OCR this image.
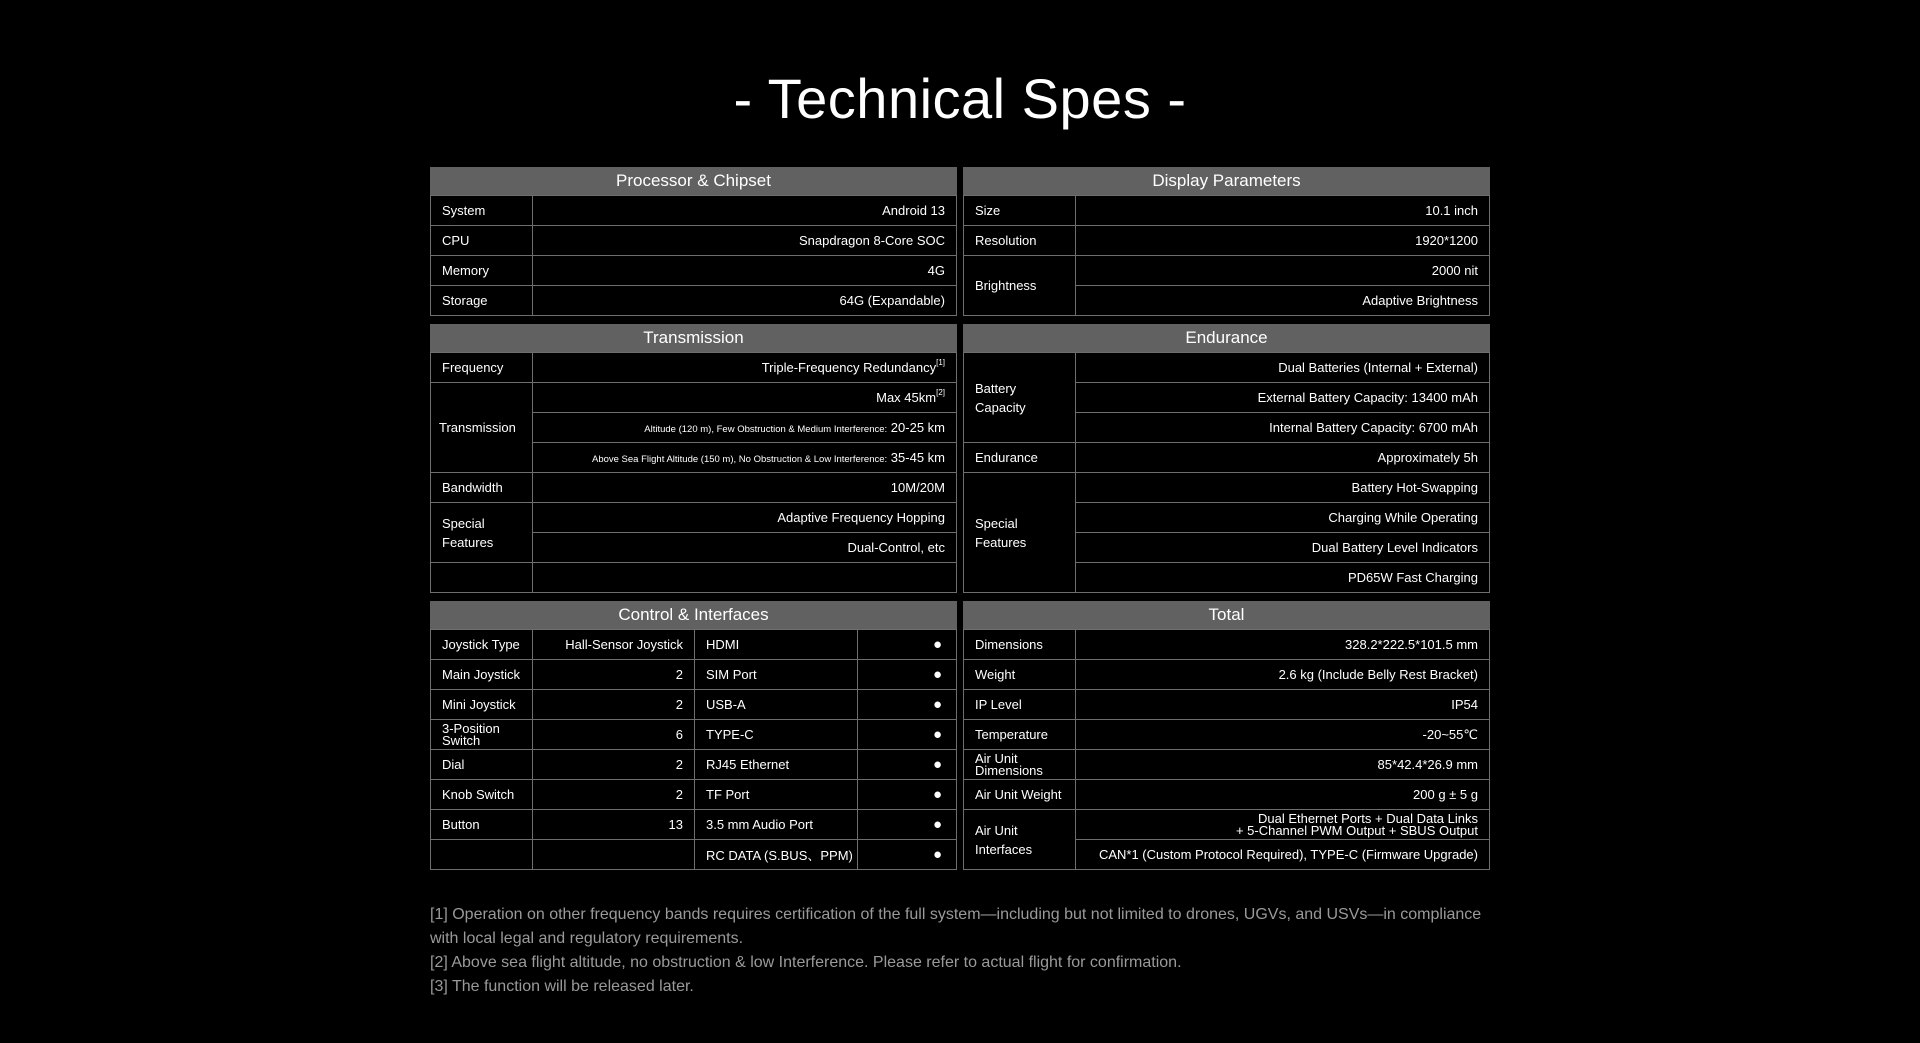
- Technical Spes -
Processor & Chipset
System	Android 13
CPU	Snapdragon 8-Core SOC
Memory	4G
Storage	64G (Expandable)
Display Parameters
Size	10.1 inch
Resolution	1920*1200
Brightness	2000 nit
	Adaptive Brightness
Transmission
Frequency	Triple-Frequency Redundancy[1]
Transmission	Max 45km[2]
	Altitude (120 m), Few Obstruction & Medium Interference: 20-25 km
	Above Sea Flight Altitude (150 m), No Obstruction & Low Interference: 35-45 km
Bandwidth	10M/20M
Special Features	Adaptive Frequency Hopping
	Dual-Control, etc

Endurance
Battery Capacity	Dual Batteries (Internal + External)
	External Battery Capacity: 13400 mAh
	Internal Battery Capacity: 6700 mAh
Endurance	Approximately 5h
Special Features	Battery Hot-Swapping
	Charging While Operating
	Dual Battery Level Indicators
	PD65W Fast Charging
Control & Interfaces
Joystick Type	Hall-Sensor Joystick	HDMI	●
Main Joystick	2	SIM Port	●
Mini Joystick	2	USB-A	●
3-Position Switch	6	TYPE-C	●
Dial	2	RJ45 Ethernet	●
Knob Switch	2	TF Port	●
Button	13	3.5 mm Audio Port	●
		RC DATA (S.BUS、PPM)	●
Total
Dimensions	328.2*222.5*101.5 mm
Weight	2.6 kg (Include Belly Rest Bracket)
IP Level	IP54
Temperature	-20~55℃
Air Unit Dimensions	85*42.4*26.9 mm
Air Unit Weight	200 g ± 5 g
Air Unit Interfaces	Dual Ethernet Ports + Dual Data Links
+ 5-Channel PWM Output + SBUS Output
	CAN*1 (Custom Protocol Required), TYPE-C (Firmware Upgrade)

[1] Operation on other frequency bands requires certification of the full system—including but not limited to drones, UGVs, and USVs—in compliance with local legal and regulatory requirements.

[2] Above sea flight altitude, no obstruction & low Interference. Please refer to actual flight for confirmation.

[3] The function will be released later.
